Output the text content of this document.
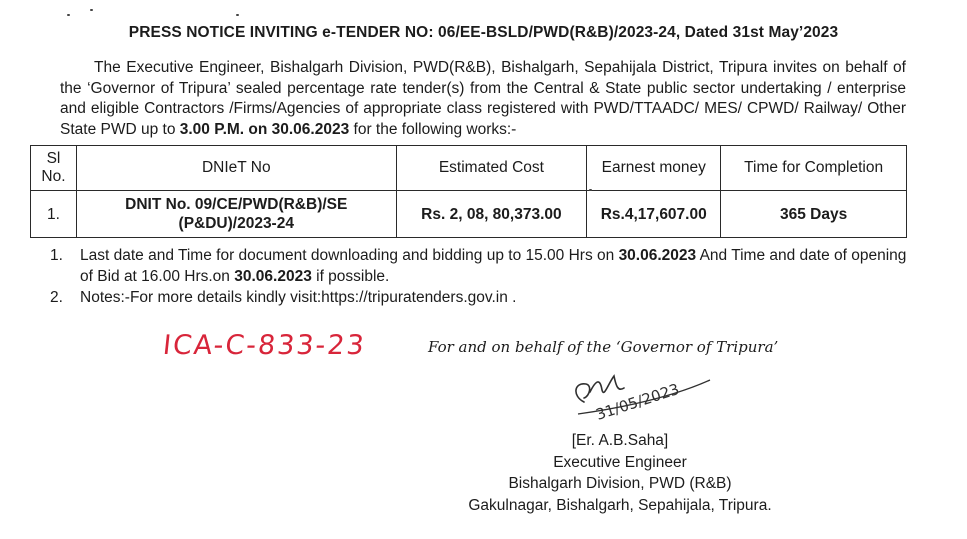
PRESS NOTICE INVITING e-TENDER NO: 06/EE-BSLD/PWD(R&B)/2023-24, Dated 31st May’2023
The Executive Engineer, Bishalgarh Division, PWD(R&B), Bishalgarh, Sepahijala District, Tripura invites on behalf of the ‘Governor of Tripura’ sealed percentage rate tender(s) from the Central & State public sector undertaking / enterprise and eligible Contractors /Firms/Agencies of appropriate class registered with PWD/TTAADC/ MES/ CPWD/ Railway/ Other State PWD up to 3.00 P.M. on 30.06.2023 for the following works:-
Sl No.	DNIeT No	Estimated Cost	Earnest money	Time for Completion
1.	DNIT No. 09/CE/PWD(R&B)/SE (P&DU)/2023-24	Rs. 2, 08, 80,373.00	Rs.4,17,607.00	365 Days
1. Last date and Time for document downloading and bidding up to 15.00 Hrs on 30.06.2023 And Time and date of opening of Bid at 16.00 Hrs.on 30.06.2023 if possible.
2. Notes:-For more details kindly visit:https://tripuratenders.gov.in .
ICA-C-833-23	For and on behalf of the ‘Governor of Tripura’
31/05/2023
[Er. A.B.Saha]
Executive Engineer
Bishalgarh Division, PWD (R&B)
Gakulnagar, Bishalgarh, Sepahijala, Tripura.
